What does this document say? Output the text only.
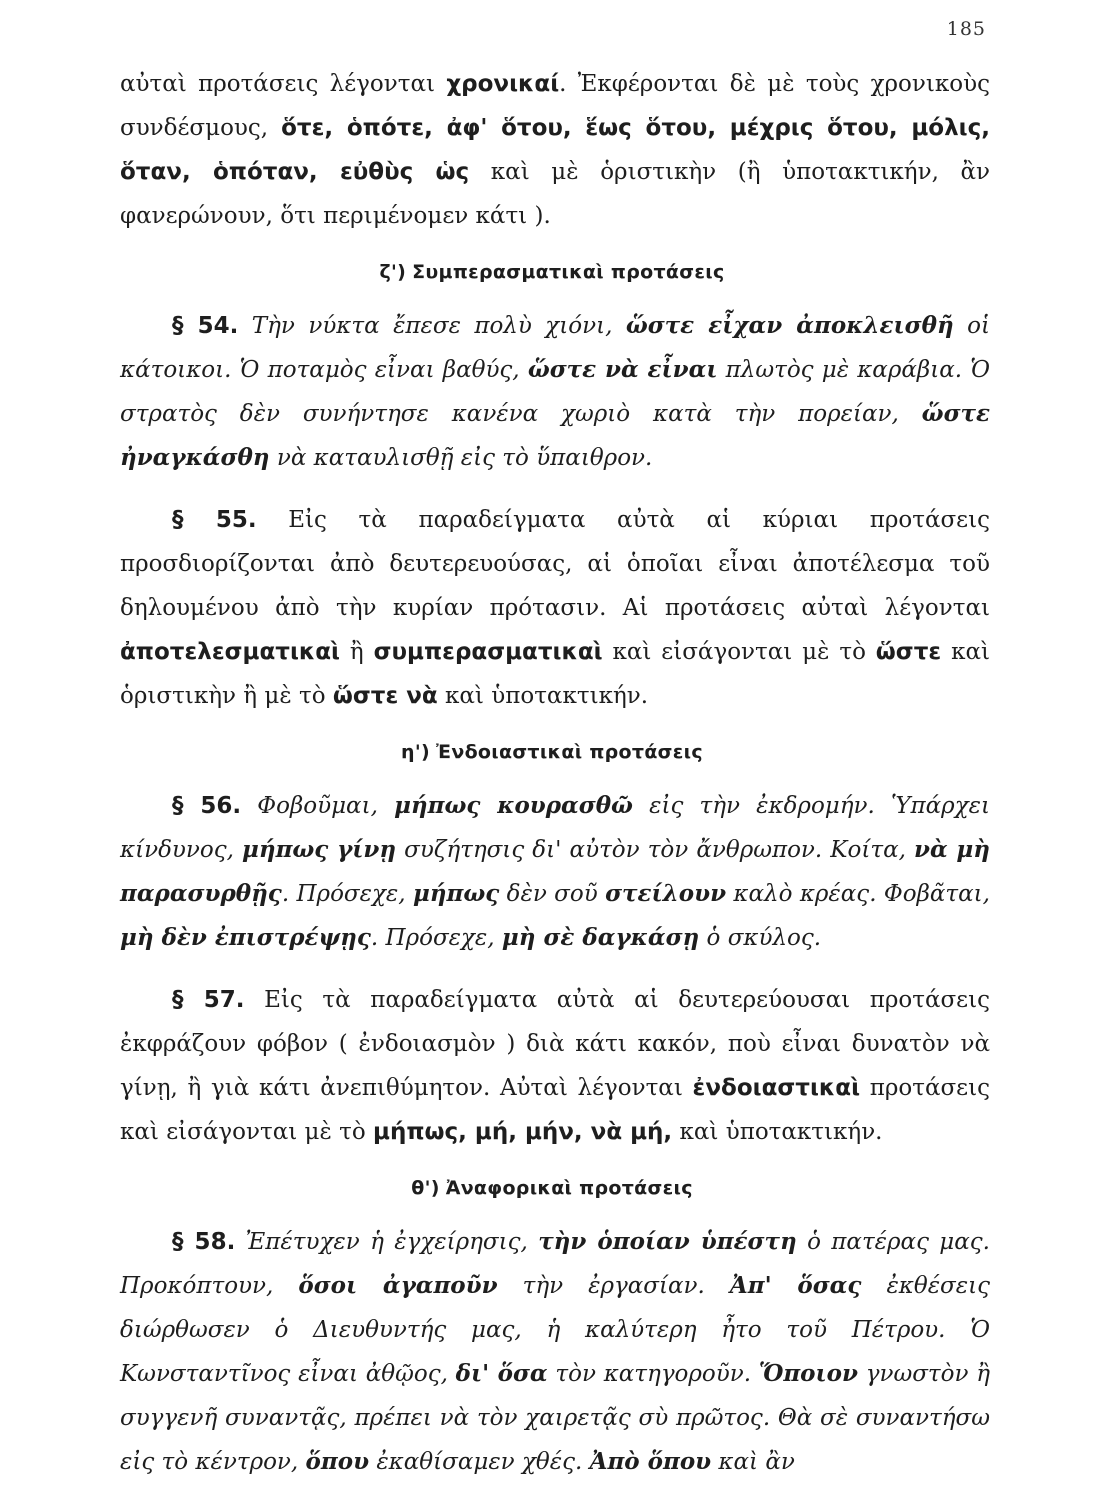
185

αὐταὶ προτάσεις λέγονται χρονικαί. Ἐκφέρονται δὲ μὲ τοὺς χρονικοὺς συνδέσμους, ὅτε, ὁπότε, ἀφ' ὅτου, ἕως ὅτου, μέχρις ὅτου, μόλις, ὅταν, ὁπόταν, εὐθὺς ὡς καὶ μὲ ὁριστικὴν (ἢ ὑποτακτικήν, ἂν φανερώνουν, ὅτι περιμένομεν κάτι ).

ζ') Συμπερασματικαὶ προτάσεις

§ 54. Τὴν νύκτα ἔπεσε πολὺ χιόνι, ὥστε εἶχαν ἀποκλεισθῆ οἱ κάτοικοι. Ὁ ποταμὸς εἶναι βαθύς, ὥστε νὰ εἶναι πλωτὸς μὲ καράβια. Ὁ στρατὸς δὲν συνήντησε κανένα χωριὸ κατὰ τὴν πορείαν, ὥστε ἠναγκάσθη νὰ καταυλισθῇ εἰς τὸ ὕπαιθρον.

§ 55. Εἰς τὰ παραδείγματα αὐτὰ αἱ κύριαι προτάσεις προσδιορίζονται ἀπὸ δευτερευούσας, αἱ ὁποῖαι εἶναι ἀποτέλεσμα τοῦ δηλουμένου ἀπὸ τὴν κυρίαν πρότασιν. Αἱ προτάσεις αὐταὶ λέγονται ἀποτελεσματικαὶ ἢ συμπερασματικαὶ καὶ εἰσάγονται μὲ τὸ ὥστε καὶ ὁριστικὴν ἢ μὲ τὸ ὥστε νὰ καὶ ὑποτακτικήν.

η') Ἐνδοιαστικαὶ προτάσεις

§ 56. Φοβοῦμαι, μήπως κουρασθῶ εἰς τὴν ἐκδρομήν. Ὑπάρχει κίνδυνος, μήπως γίνῃ συζήτησις δι' αὐτὸν τὸν ἄνθρωπον. Κοίτα, νὰ μὴ παρασυρθῇς. Πρόσεχε, μήπως δὲν σοῦ στείλουν καλὸ κρέας. Φοβᾶται, μὴ δὲν ἐπιστρέψῃς. Πρόσεχε, μὴ σὲ δαγκάσῃ ὁ σκύλος.

§ 57. Εἰς τὰ παραδείγματα αὐτὰ αἱ δευτερεύουσαι προτάσεις ἐκφράζουν φόβον ( ἐνδοιασμὸν ) διὰ κάτι κακόν, ποὺ εἶναι δυνατὸν νὰ γίνῃ, ἢ γιὰ κάτι ἀνεπιθύμητον. Αὐταὶ λέγονται ἐνδοιαστικαὶ προτάσεις καὶ εἰσάγονται μὲ τὸ μήπως, μή, μήν, νὰ μή, καὶ ὑποτακτικήν.

θ') Ἀναφορικαὶ προτάσεις

§ 58. Ἐπέτυχεν ἡ ἐγχείρησις, τὴν ὁποίαν ὑπέστη ὁ πατέρας μας. Προκόπτουν, ὅσοι ἀγαποῦν τὴν ἐργασίαν. Ἀπ' ὅσας ἐκθέσεις διώρθωσεν ὁ Διευθυντής μας, ἡ καλύτερη ἦτο τοῦ Πέτρου. Ὁ Κωνσταντῖνος εἶναι ἀθῷος, δι' ὅσα τὸν κατηγοροῦν. Ὅποιον γνωστὸν ἢ συγγενῆ συναντᾷς, πρέπει νὰ τὸν χαιρετᾷς σὺ πρῶτος. Θὰ σὲ συναντήσω εἰς τὸ κέντρον, ὅπου ἐκαθίσαμεν χθές. Ἀπὸ ὅπου καὶ ἂν
